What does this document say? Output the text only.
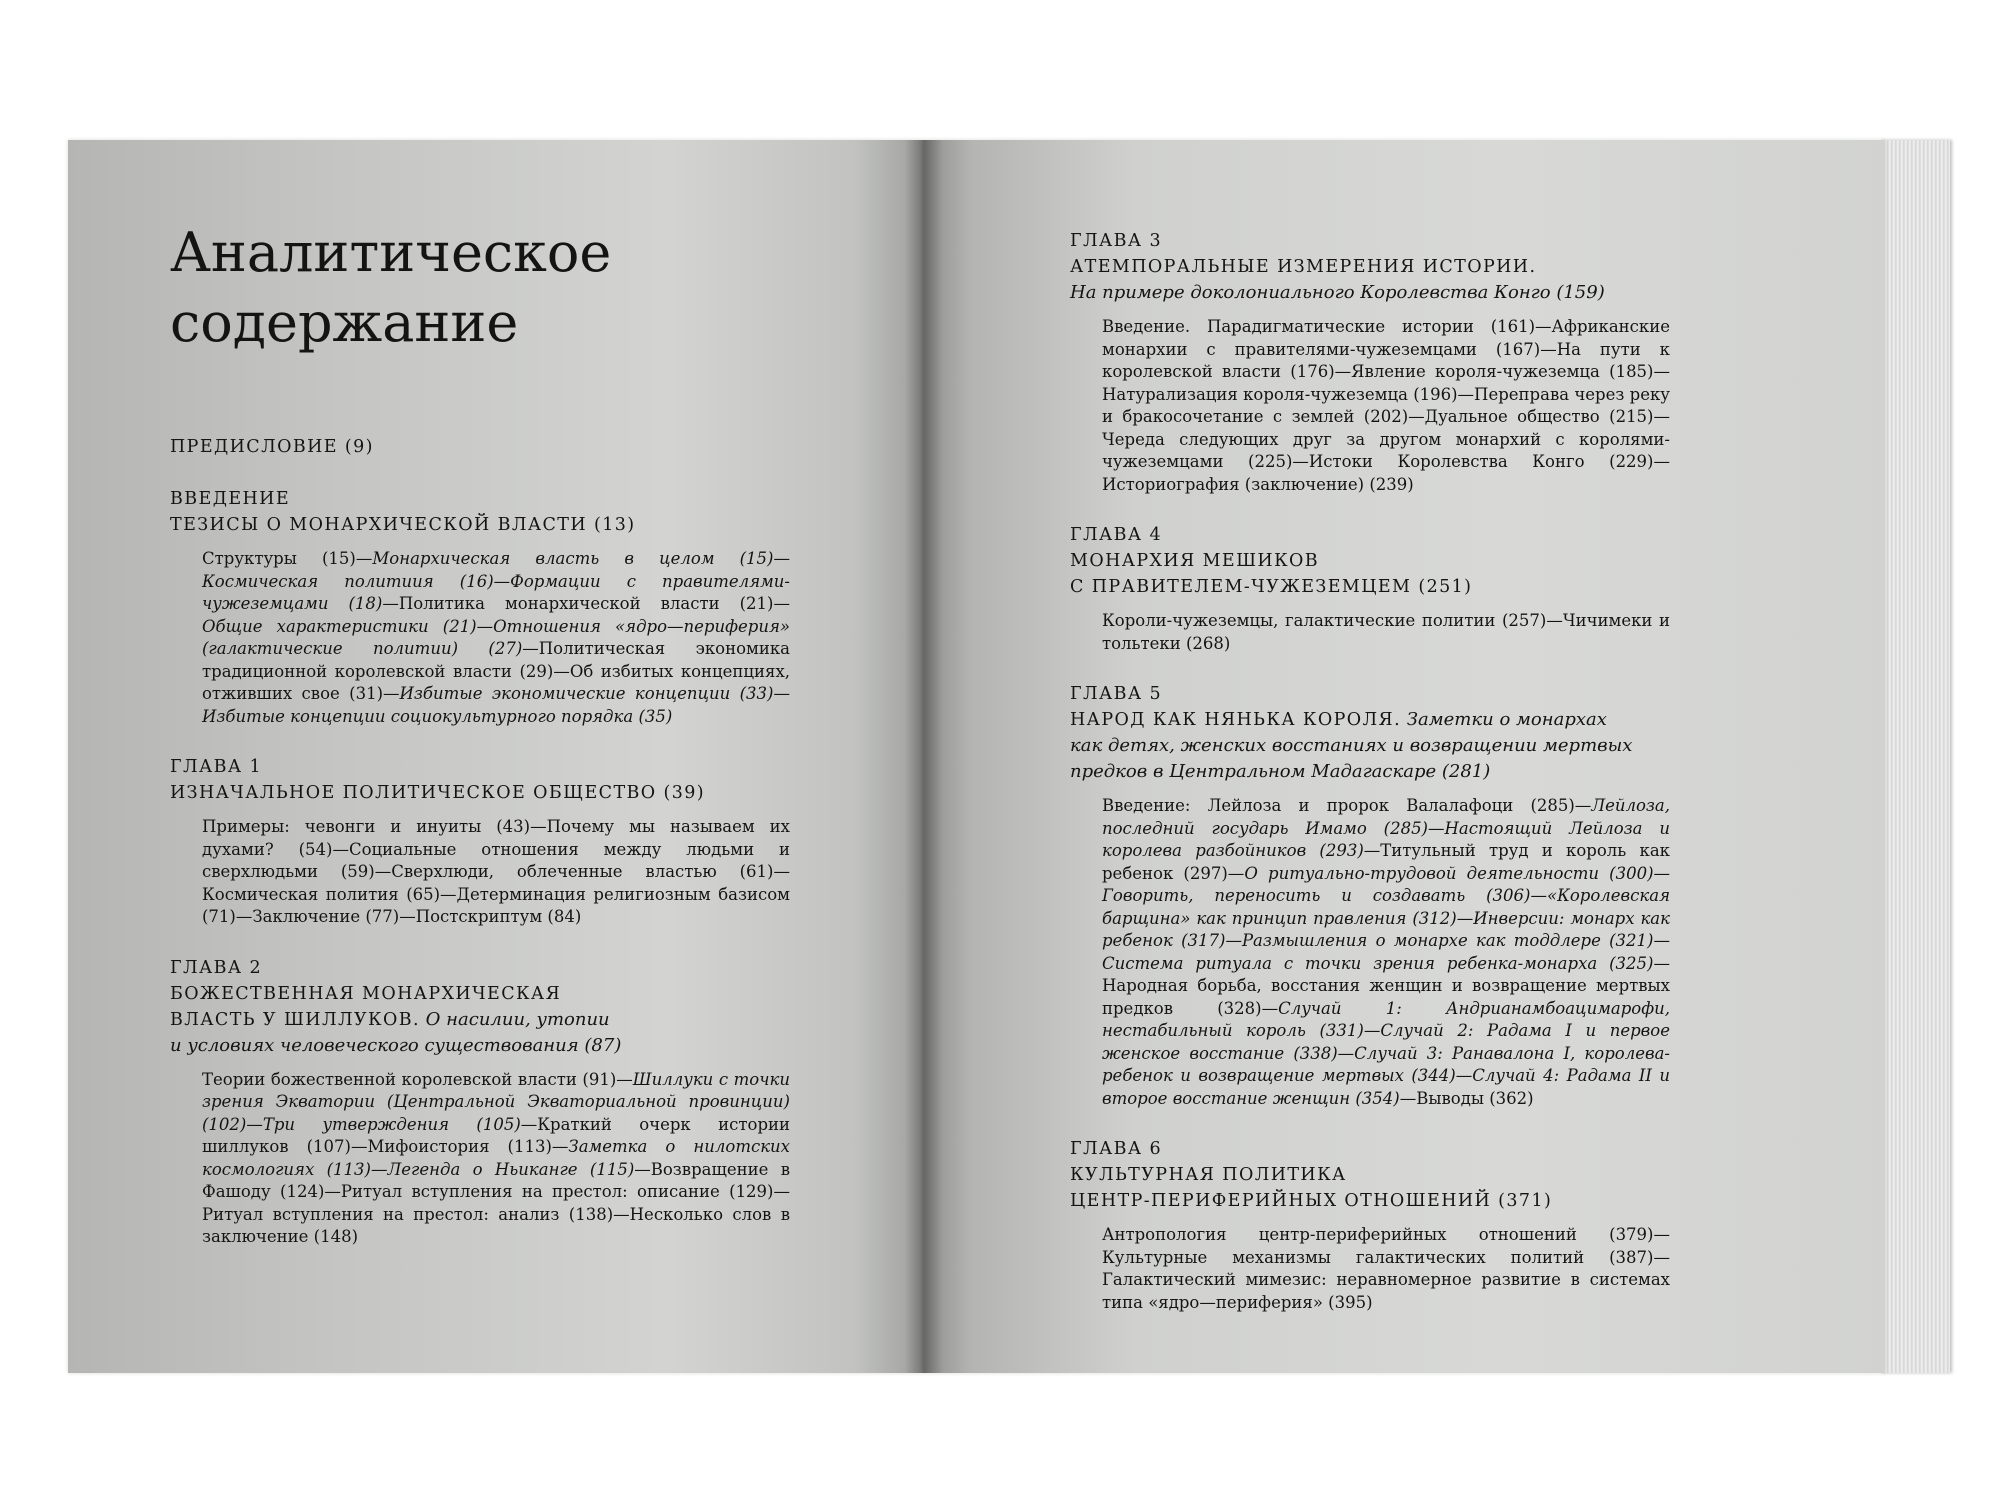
Аналитическое
содержание

ПРЕДИСЛОВИЕ (9)

ВВЕДЕНИЕ

ТЕЗИСЫ О МОНАРХИЧЕСКОЙ ВЛАСТИ (13)

Структуры (15)—Монархическая власть в целом (15)—Космическая политиия (16)—Формации с правителями-чужеземцами (18)—Политика монархической власти (21)—Общие характеристики (21)—Отношения «ядро—периферия» (галактические политии) (27)—Политическая экономика традиционной королевской власти (29)—Об избитых концепциях, отживших свое (31)—Избитые экономические концепции (33)—Избитые концепции социокультурного порядка (35)

ГЛАВА 1

ИЗНАЧАЛЬНОЕ ПОЛИТИЧЕСКОЕ ОБЩЕСТВО (39)

Примеры: чевонги и инуиты (43)—Почему мы называем их духами? (54)—Социальные отношения между людьми и сверхлюдьми (59)—Сверхлюди, облеченные властью (61)—Космическая полития (65)—Детерминация религиозным базисом (71)—Заключение (77)—Постскриптум (84)

ГЛАВА 2

БОЖЕСТВЕННАЯ МОНАРХИЧЕСКАЯ

ВЛАСТЬ У ШИЛЛУКОВ. О насилии, утопии

и условиях человеческого существования (87)

Теории божественной королевской власти (91)—Шиллуки с точки зрения Экватории (Центральной Экваториальной провинции) (102)—Три утверждения (105)—Краткий очерк истории шиллуков (107)—Мифоистория (113)—Заметка о нилотских космологиях (113)—Легенда о Ньиканге (115)—Возвращение в Фашоду (124)—Ритуал вступления на престол: описание (129)—Ритуал вступления на престол: анализ (138)—Несколько слов в заключение (148)

ГЛАВА 3

АТЕМПОРАЛЬНЫЕ ИЗМЕРЕНИЯ ИСТОРИИ.

На примере доколониального Королевства Конго (159)

Введение. Парадигматические истории (161)—Африканские монархии с правителями-чужеземцами (167)—На пути к королевской власти (176)—Явление короля-чужеземца (185)—Натурализация короля-чужеземца (196)—Переправа через реку и бракосочетание с землей (202)—Дуальное общество (215)—Череда следующих друг за другом монархий с королями-чужеземцами (225)—Истоки Королевства Конго (229)—Историография (заключение) (239)

ГЛАВА 4

МОНАРХИЯ МЕШИКОВ

С ПРАВИТЕЛЕМ-ЧУЖЕЗЕМЦЕМ (251)

Короли-чужеземцы, галактические политии (257)—Чичимеки и тольтеки (268)

ГЛАВА 5

НАРОД КАК НЯНЬКА КОРОЛЯ. Заметки о монархах

как детях, женских восстаниях и возвращении мертвых

предков в Центральном Мадагаскаре (281)

Введение: Лейлоза и пророк Валалафоци (285)—Лейлоза, последний государь Имамо (285)—Настоящий Лейлоза и королева разбойников (293)—Титульный труд и король как ребенок (297)—О ритуально-трудовой деятельности (300)—Говорить, переносить и создавать (306)—«Королевская барщина» как принцип правления (312)—Инверсии: монарх как ребенок (317)—Размышления о монархе как тоддлере (321)—Система ритуала с точки зрения ребенка-монарха (325)—Народная борьба, восстания женщин и возвращение мертвых предков (328)—Случай 1: Андрианамбоацимарофи, нестабильный король (331)—Случай 2: Радама I и первое женское восстание (338)—Случай 3: Ранавалона I, королева-ребенок и возвращение мертвых (344)—Случай 4: Радама II и второе восстание женщин (354)—Выводы (362)

ГЛАВА 6

КУЛЬТУРНАЯ ПОЛИТИКА

ЦЕНТР-ПЕРИФЕРИЙНЫХ ОТНОШЕНИЙ (371)

Антропология центр-периферийных отношений (379)—Культурные механизмы галактических политий (387)—Галактический мимезис: неравномерное развитие в системах типа «ядро—периферия» (395)
